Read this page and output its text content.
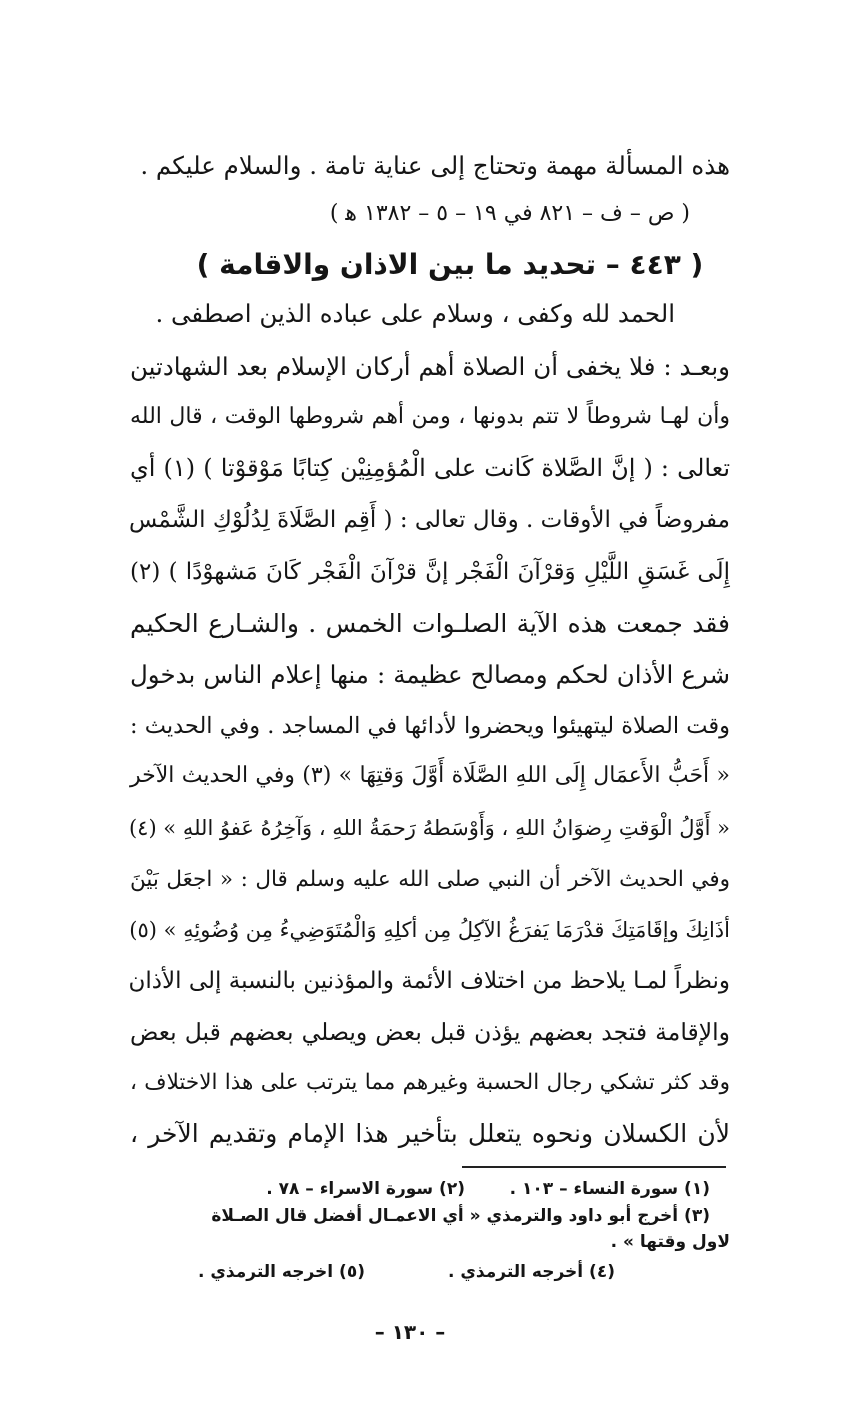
هذه المسألة مهمة وتحتاج إلى عناية تامة . والسلام عليكم .
( ص – ف – ٨٢١ في ١٩ – ٥ – ١٣٨٢ ﻫ )
( ٤٤٣ – تحديد ما بين الاذان والاقامة )
الحمد لله وكفى ، وسلام على عباده الذين اصطفى .
وبعـد : فلا يخفى أن الصلاة أهم أركان الإسلام بعد الشهادتين
وأن لهـا شروطاً لا تتم بدونها ، ومن أهم شروطها الوقت ، قال الله
تعالى : ( إنَّ الصَّلاة كَانت على الْمُؤمِنِيْن كِتابًا مَوْقوْتا ) (١) أي
مفروضاً في الأوقات . وقال تعالى : ( أَقِم الصَّلَاةَ لِدُلُوْكِ الشَّمْس
إِلَى غَسَقِ اللَّيْلِ وَقرْآنَ الْفَجْر إنَّ قرْآنَ الْفَجْر كَانَ مَشهوْدًا ) (٢)
فقد جمعت هذه الآية الصلـوات الخمس . والشـارع الحكيم
شرع الأذان لحكم ومصالح عظيمة : منها إعلام الناس بدخول
وقت الصلاة ليتهيئوا ويحضروا لأدائها في المساجد . وفي الحديث :
« أَحَبُّ الأَعمَال إِلَى اللهِ الصَّلَاة أَوَّلَ وَقتِهَا » (٣) وفي الحديث الآخر
« أَوَّلُ الْوَقتِ رِضوَانُ اللهِ ، وَأَوْسَطهُ رَحمَةُ اللهِ ، وَآخِرُهُ عَفوُ اللهِ » (٤)
وفي الحديث الآخر أن النبي صلى الله عليه وسلم قال : « اجعَل بَيْنَ
أذَانِكَ وإقَامَتِكَ قدْرَمَا يَفرَغُ الآكِلُ مِن أكلِهِ وَالْمُتَوَضِيءُ مِن وُضُوئِهِ » (٥)
ونظراً لمـا يلاحظ من اختلاف الأئمة والمؤذنين بالنسبة إلى الأذان
والإقامة فتجد بعضهم يؤذن قبل بعض ويصلي بعضهم قبل بعض
وقد كثر تشكي رجال الحسبة وغيرهم مما يترتب على هذا الاختلاف ،
لأن الكسلان ونحوه يتعلل بتأخير هذا الإمام وتقديم الآخر ،
(١) سورة النساء – ١٠٣ .
(٢) سورة الاسراء – ٧٨ .
(٣) أخرج أبو داود والترمذي « أي الاعمـال أفضل قال الصـلاة
لاول وقتها » .
(٤) أخرجه الترمذي .
(٥) اخرجه الترمذي .
– ١٣٠ –
